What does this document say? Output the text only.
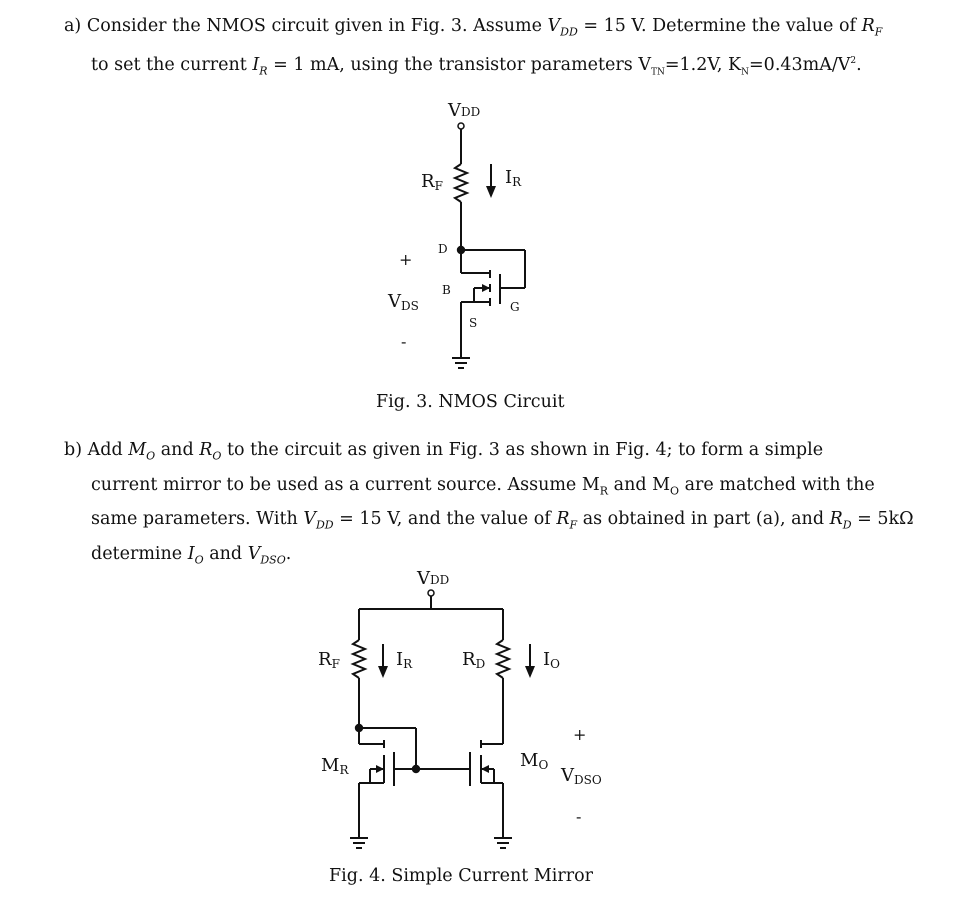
a) Consider the NMOS circuit given in Fig. 3. Assume $V_{DD} = 15$ V. Determine the value of $R_F$
to set the current $I_R = 1$ mA, using the transistor parameters $V_{TN}=1.2V$, $K_N=0.43mA/V^2$.
VDD
RF	IR
D
B
G
S
+
VDS
-
Fig. 3. NMOS Circuit
b) Add $M_O$ and $R_O$ to the circuit as given in Fig. 3 as shown in Fig. 4; to form a simple
current mirror to be used as a current source. Assume $M_R$ and $M_O$ are matched with the
same parameters. With $V_{DD} = 15$ V, and the value of $R_F$ as obtained in part (a), and $R_D = 5k\Omega$
determine $I_O$ and $V_{DSO}$.
VDD
RF	IR	RD	IO
MR	MO
+
VDSO
-
Fig. 4. Simple Current Mirror
